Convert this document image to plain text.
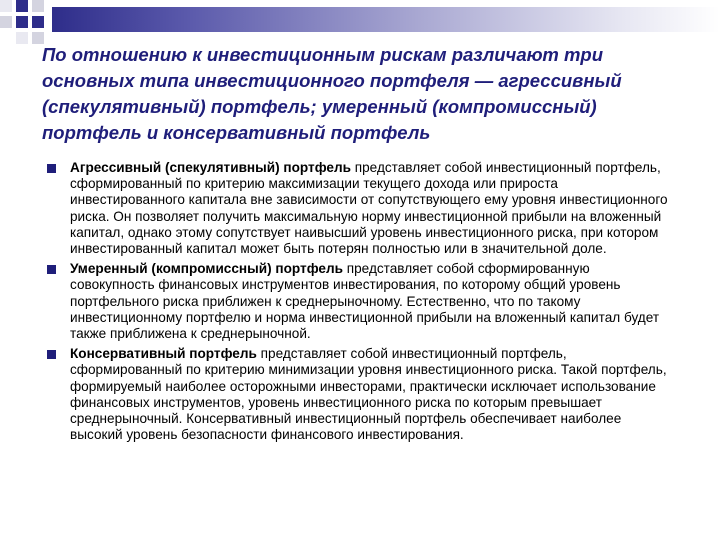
По отношению к инвестиционным рискам различают три основных типа инвестиционного портфеля — агрессивный (спекулятивный) портфель; умеренный (компромиссный) портфель и консервативный портфель
Агрессивный (спекулятивный) портфель представляет собой инвестиционный портфель, сформированный по критерию максимизации текущего дохода или прироста инвестированного капитала вне зависимости от сопутствующего ему уровня инвестиционного риска. Он позволяет получить максимальную норму инвестиционной прибыли на вложенный капитал, однако этому сопутствует наивысший уровень инвестиционного риска, при котором инвестированный капитал может быть потерян полностью или в значительной доле.
Умеренный (компромиссный) портфель представляет собой сформированную совокупность финансовых инструментов инвестирования, по которому общий уровень портфельного риска приближен к среднерыночному. Естественно, что по такому инвестиционному портфелю и норма инвестиционной прибыли на вложенный капитал будет также приближена к среднерыночной.
Консервативный портфель представляет собой инвестиционный портфель, сформированный по критерию минимизации уровня инвестиционного риска. Такой портфель, формируемый наиболее осторожными инвесторами, практически исключает использование финансовых инструментов, уровень инвестиционного риска по которым превышает среднерыночный. Консервативный инвестиционный портфель обеспечивает наиболее высокий уровень безопасности финансового инвестирования.
